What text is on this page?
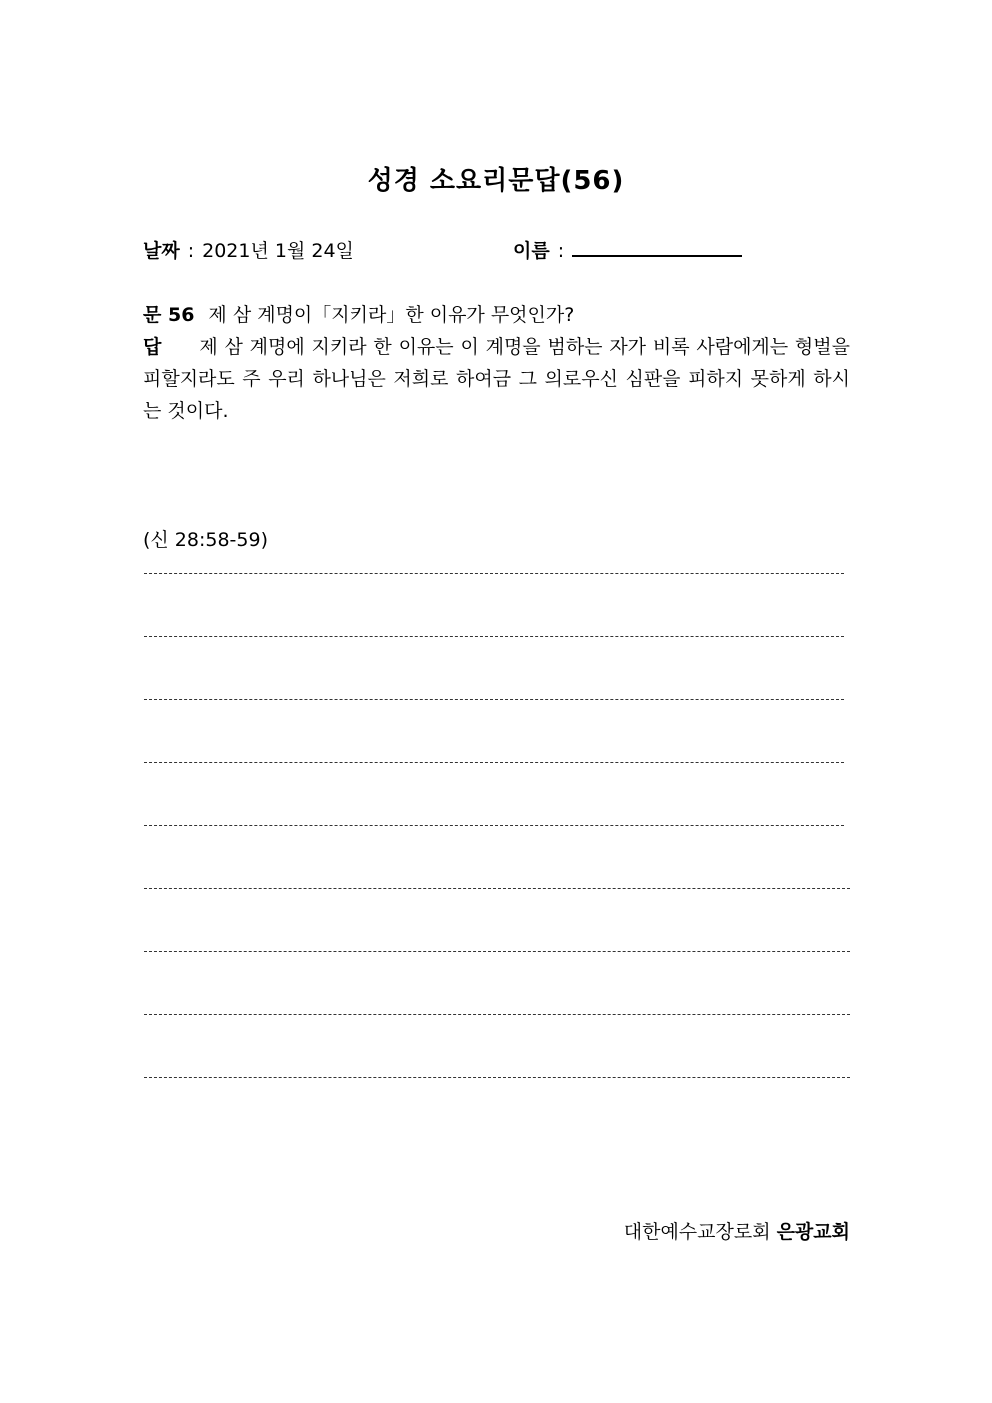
성경 소요리문답(56)
날짜 : 2021년 1월 24일	이름 :
문 56 제 삼 계명이「지키라」한 이유가 무엇인가?
답 제 삼 계명에 지키라 한 이유는 이 계명을 범하는 자가 비록 사람에게는 형벌을 피할지라도 주 우리 하나님은 저희로 하여금 그 의로우신 심판을 피하지 못하게 하시는 것이다.
(신 28:58-59)
대한예수교장로회 은광교회
